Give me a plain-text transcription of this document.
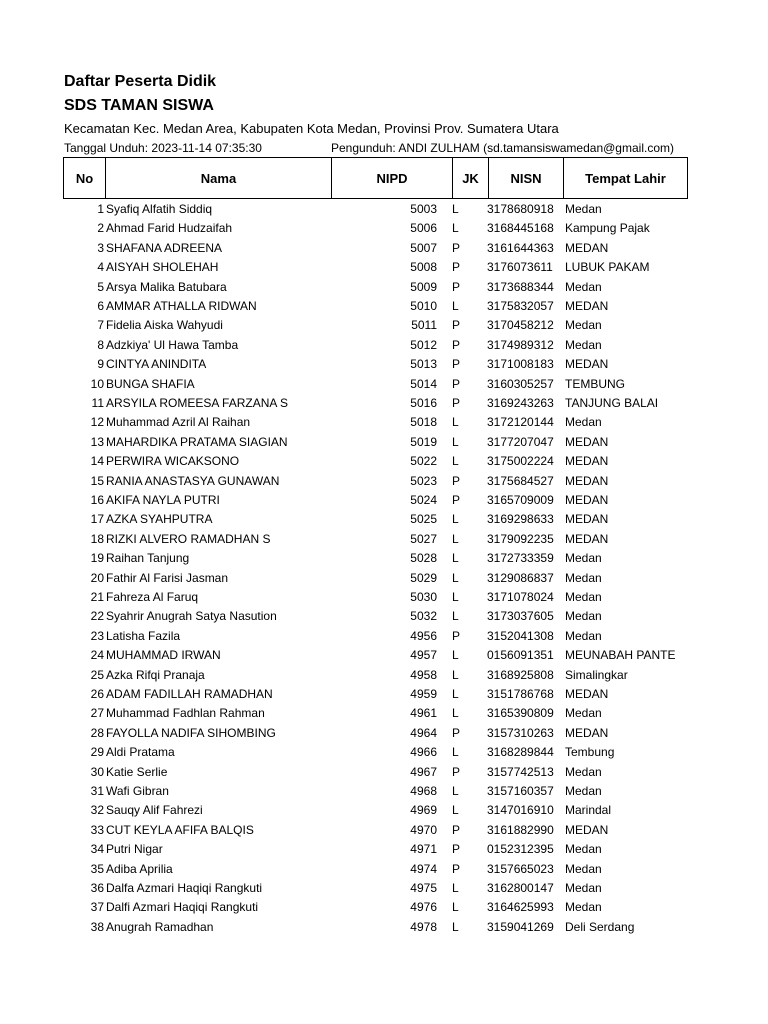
Daftar Peserta Didik
SDS TAMAN SISWA
Kecamatan Kec. Medan Area, Kabupaten Kota Medan, Provinsi Prov. Sumatera Utara
Tanggal Unduh: 2023-11-14 07:35:30	Pengunduh: ANDI ZULHAM (sd.tamansiswamedan@gmail.com)
No	Nama	NIPD	JK	NISN	Tempat Lahir
1 Syafiq Alfatih Siddiq	5003 L	3178680918 Medan
2 Ahmad Farid Hudzaifah	5006 L	3168445168 Kampung Pajak
3 SHAFANA ADREENA	5007 P	3161644363 MEDAN
4 AISYAH SHOLEHAH	5008 P	3176073611	LUBUK PAKAM
5 Arsya Malika Batubara	5009 P	3173688344 Medan
6 AMMAR ATHALLA RIDWAN	5010 L	3175832057 MEDAN
7 Fidelia Aiska Wahyudi	5011 P	3170458212 Medan
8 Adzkiya' Ul Hawa Tamba	5012 P	3174989312 Medan
9 CINTYA ANINDITA	5013 P	3171008183 MEDAN
10 BUNGA SHAFIA	5014 P	3160305257 TEMBUNG
11 ARSYILA ROMEESA FARZANA S	5016 P	3169243263 TANJUNG BALAI
12 Muhammad Azril Al Raihan	5018 L	3172120144 Medan
13 MAHARDIKA PRATAMA SIAGIAN	5019 L	3177207047 MEDAN
14 PERWIRA WICAKSONO	5022 L	3175002224 MEDAN
15 RANIA ANASTASYA GUNAWAN	5023 P	3175684527 MEDAN
16 AKIFA NAYLA PUTRI	5024 P	3165709009 MEDAN
17 AZKA SYAHPUTRA	5025 L	3169298633 MEDAN
18 RIZKI ALVERO RAMADHAN S	5027 L	3179092235 MEDAN
19 Raihan Tanjung	5028 L	3172733359 Medan
20 Fathir Al Farisi Jasman	5029 L	3129086837 Medan
21 Fahreza Al Faruq	5030 L	3171078024 Medan
22 Syahrir Anugrah Satya Nasution	5032 L	3173037605 Medan
23 Latisha Fazila	4956 P	3152041308 Medan
24 MUHAMMAD IRWAN	4957 L	0156091351 MEUNABAH PANTE
25 Azka Rifqi Pranaja	4958 L	3168925808 Simalingkar
26 ADAM FADILLAH RAMADHAN	4959 L	3151786768 MEDAN
27 Muhammad Fadhlan Rahman	4961 L	3165390809 Medan
28 FAYOLLA NADIFA SIHOMBING	4964 P	3157310263 MEDAN
29 Aldi Pratama	4966 L	3168289844 Tembung
30 Katie Serlie	4967 P	3157742513 Medan
31 Wafi Gibran	4968 L	3157160357 Medan
32 Sauqy Alif Fahrezi	4969 L	3147016910 Marindal
33 CUT KEYLA AFIFA BALQIS	4970 P	3161882990 MEDAN
34 Putri Nigar	4971 P	0152312395 Medan
35 Adiba Aprilia	4974 P	3157665023 Medan
36 Dalfa Azmari Haqiqi Rangkuti	4975 L	3162800147 Medan
37 Dalfi Azmari Haqiqi Rangkuti	4976 L	3164625993 Medan
38 Anugrah Ramadhan	4978 L	3159041269 Deli Serdang
